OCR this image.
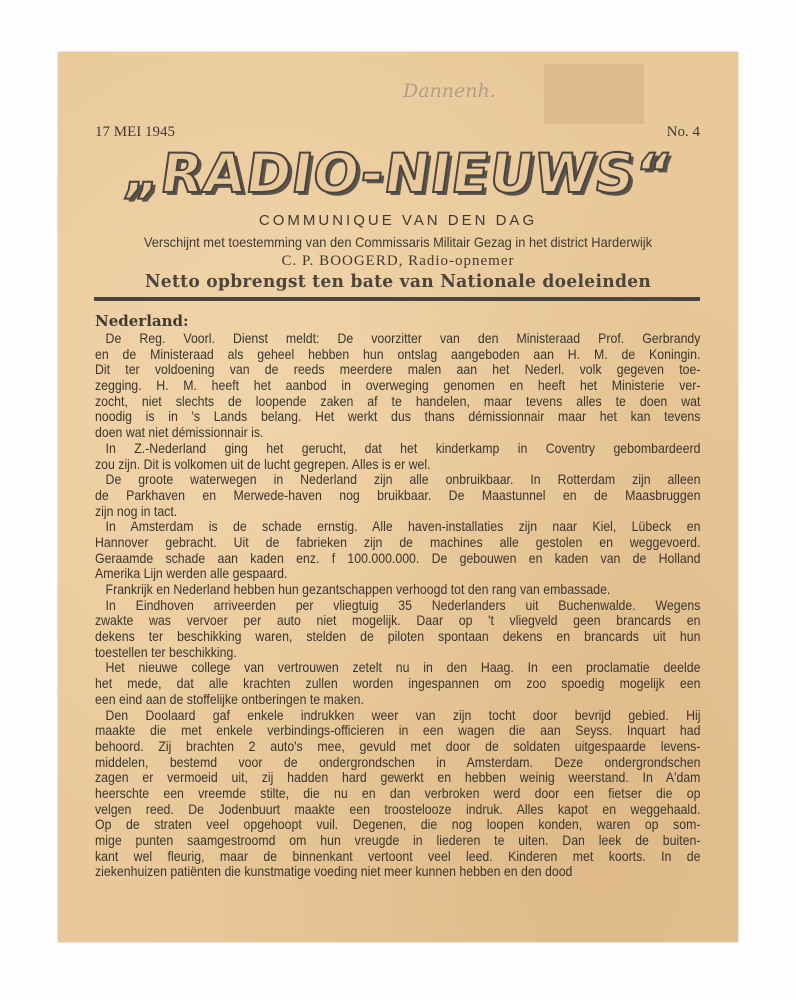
Dannenh.
17 MEI 1945	No. 4
„RADIO-NIEUWS“
COMMUNIQUE VAN DEN DAG
Verschijnt met toestemming van den Commissaris Militair Gezag in het district Harderwijk
C. P. BOOGERD, Radio-opnemer
Netto opbrengst ten bate van Nationale doeleinden
Nederland:
De Reg. Voorl. Dienst meldt: De voorzitter van den Ministeraad Prof. Gerbrandy
en de Ministeraad als geheel hebben hun ontslag aangeboden aan H. M. de Koningin.
Dit ter voldoening van de reeds meerdere malen aan het Nederl. volk gegeven toe-
zegging. H. M. heeft het aanbod in overweging genomen en heeft het Ministerie ver-
zocht, niet slechts de loopende zaken af te handelen, maar tevens alles te doen wat
noodig is in 's Lands belang. Het werkt dus thans démissionnair maar het kan tevens
doen wat niet démissionnair is.
In Z.-Nederland ging het gerucht, dat het kinderkamp in Coventry gebombardeerd
zou zijn. Dit is volkomen uit de lucht gegrepen. Alles is er wel.
De groote waterwegen in Nederland zijn alle onbruikbaar. In Rotterdam zijn alleen
de Parkhaven en Merwede-haven nog bruikbaar. De Maastunnel en de Maasbruggen
zijn nog in tact.
In Amsterdam is de schade ernstig. Alle haven-installaties zijn naar Kiel, Lübeck en
Hannover gebracht. Uit de fabrieken zijn de machines alle gestolen en weggevoerd.
Geraamde schade aan kaden enz. f 100.000.000. De gebouwen en kaden van de Holland
Amerika Lijn werden alle gespaard.
Frankrijk en Nederland hebben hun gezantschappen verhoogd tot den rang van embassade.
In Eindhoven arriveerden per vliegtuig 35 Nederlanders uit Buchenwalde. Wegens
zwakte was vervoer per auto niet mogelijk. Daar op 't vliegveld geen brancards en
dekens ter beschikking waren, stelden de piloten spontaan dekens en brancards uit hun
toestellen ter beschikking.
Het nieuwe college van vertrouwen zetelt nu in den Haag. In een proclamatie deelde
het mede, dat alle krachten zullen worden ingespannen om zoo spoedig mogelijk een
een eind aan de stoffelijke ontberingen te maken.
Den Doolaard gaf enkele indrukken weer van zijn tocht door bevrijd gebied. Hij
maakte die met enkele verbindings-officieren in een wagen die aan Seyss. Inquart had
behoord. Zij brachten 2 auto's mee, gevuld met door de soldaten uitgespaarde levens-
middelen, bestemd voor de ondergrondschen in Amsterdam. Deze ondergrondschen
zagen er vermoeid uit, zij hadden hard gewerkt en hebben weinig weerstand. In A'dam
heerschte een vreemde stilte, die nu en dan verbroken werd door een fietser die op
velgen reed. De Jodenbuurt maakte een troostelooze indruk. Alles kapot en weggehaald.
Op de straten veel opgehoopt vuil. Degenen, die nog loopen konden, waren op som-
mige punten saamgestroomd om hun vreugde in liederen te uiten. Dan leek de buiten-
kant wel fleurig, maar de binnenkant vertoont veel leed. Kinderen met koorts. In de
ziekenhuizen patiënten die kunstmatige voeding niet meer kunnen hebben en den dood
